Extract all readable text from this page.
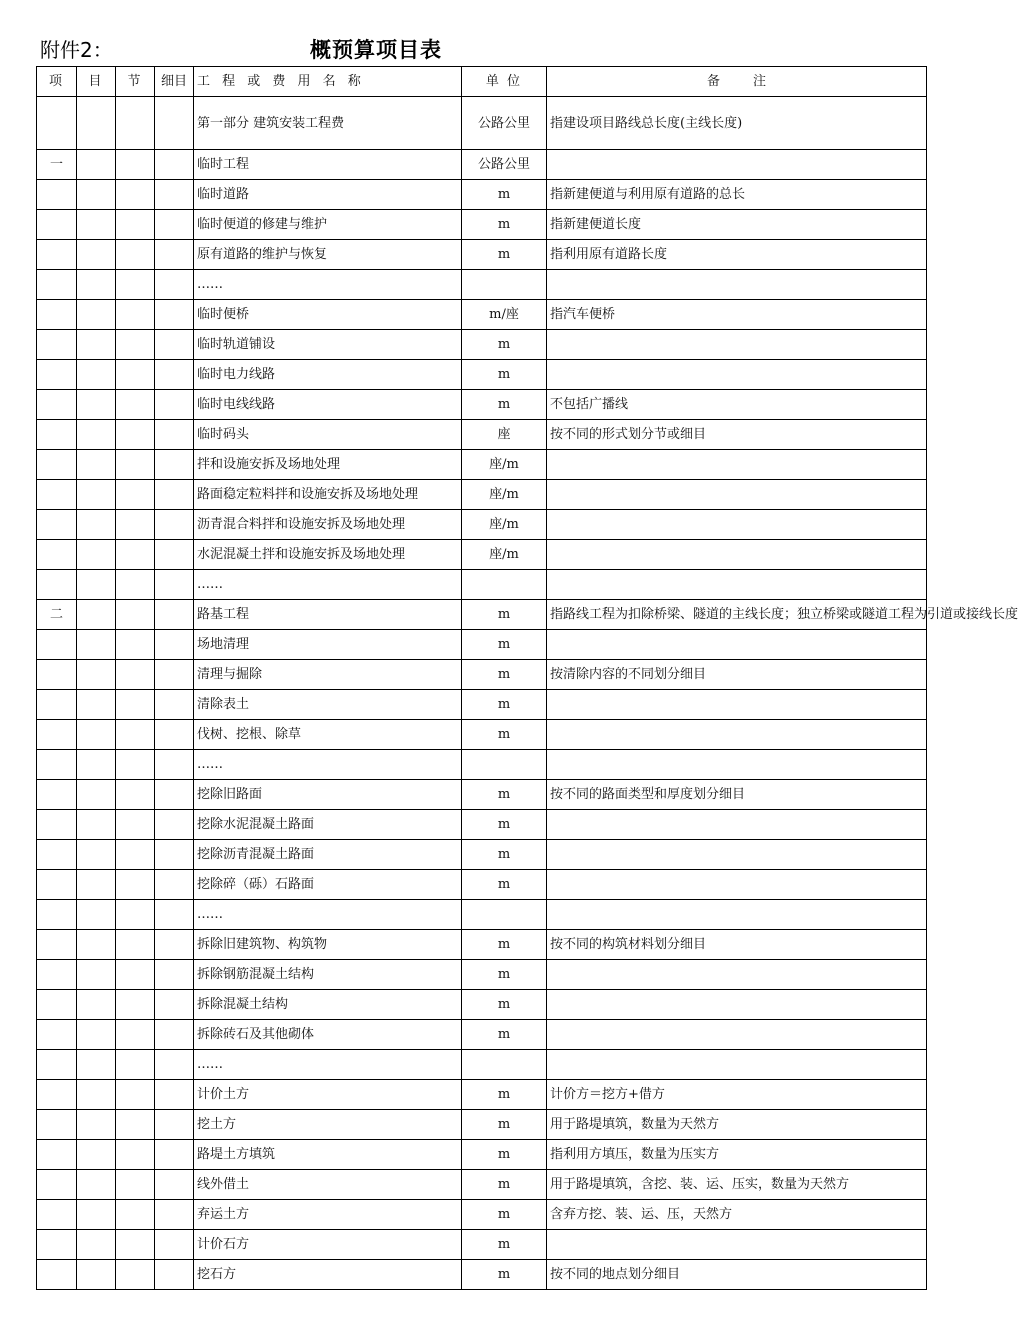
附件2：	概预算项目表
项	目	节	细目	工 程 或 费 用 名 称	单 位	备        注
				第一部分 建筑安装工程费	公路公里	指建设项目路线总长度(主线长度)
一				临时工程	公路公里	
				临时道路	m	指新建便道与利用原有道路的总长
				临时便道的修建与维护	m	指新建便道长度
				原有道路的维护与恢复	m	指利用原有道路长度
				……		
				临时便桥	m/座	指汽车便桥
				临时轨道铺设	m	
				临时电力线路	m	
				临时电线线路	m	不包括广播线
				临时码头	座	按不同的形式划分节或细目
				拌和设施安拆及场地处理	座/m	
				路面稳定粒料拌和设施安拆及场地处理	座/m	
				沥青混合料拌和设施安拆及场地处理	座/m	
				水泥混凝土拌和设施安拆及场地处理	座/m	
				……		
二				路基工程	m	指路线工程为扣除桥梁、隧道的主线长度；独立桥梁或隧道工程为引道或接线长度
				场地清理	m	
				清理与掘除	m	按清除内容的不同划分细目
				清除表土	m	
				伐树、挖根、除草	m	
				……		
				挖除旧路面	m	按不同的路面类型和厚度划分细目
				挖除水泥混凝土路面	m	
				挖除沥青混凝土路面	m	
				挖除碎（砾）石路面	m	
				……		
				拆除旧建筑物、构筑物	m	按不同的构筑材料划分细目
				拆除钢筋混凝土结构	m	
				拆除混凝土结构	m	
				拆除砖石及其他砌体	m	
				……		
				计价土方	m	计价方＝挖方+借方
				挖土方	m	用于路堤填筑，数量为天然方
				路堤土方填筑	m	指利用方填压，数量为压实方
				线外借土	m	用于路堤填筑，含挖、装、运、压实，数量为天然方
				弃运土方	m	含弃方挖、装、运、压，天然方
				计价石方	m	
				挖石方	m	按不同的地点划分细目
